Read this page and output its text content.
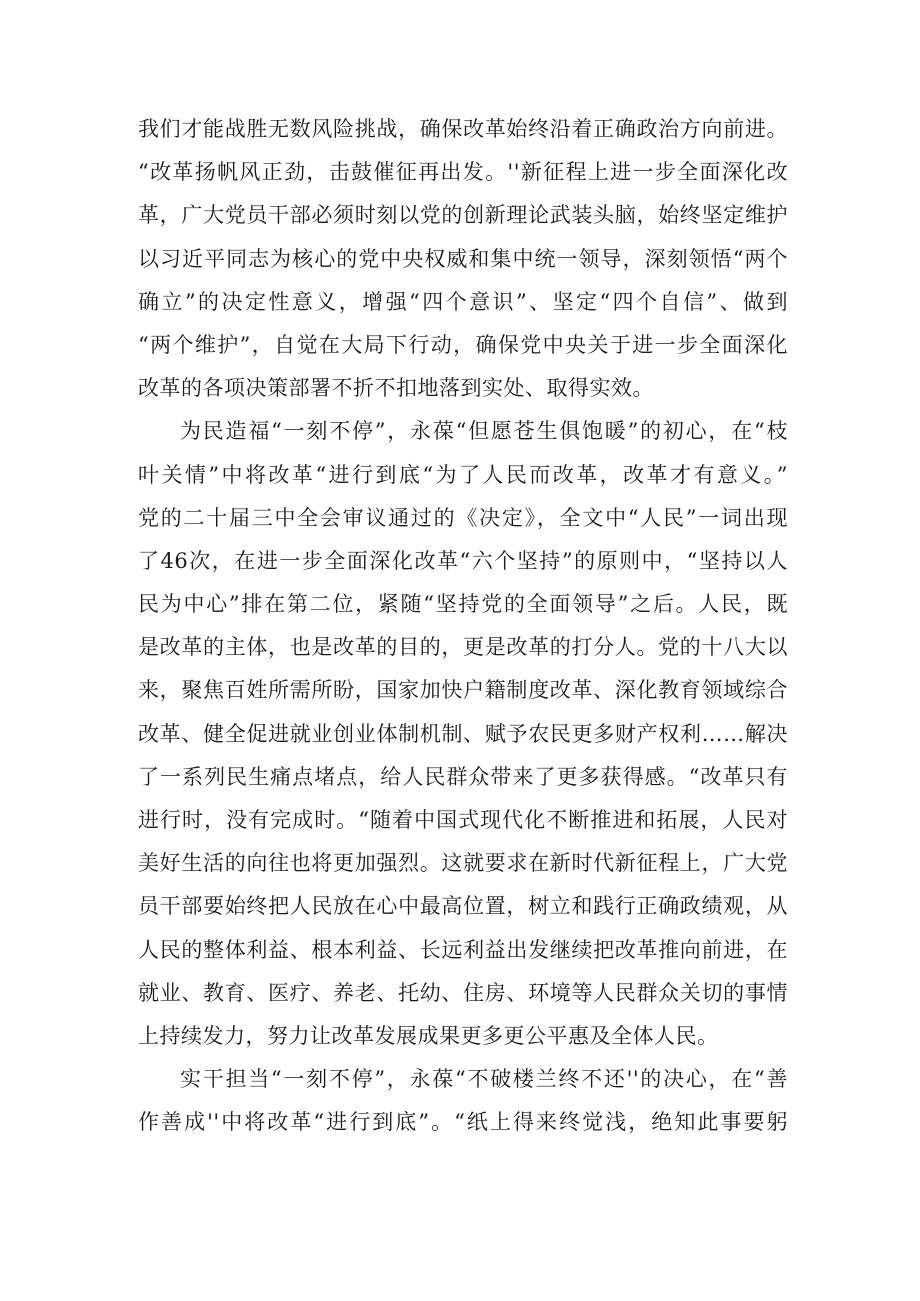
我们才能战胜无数风险挑战，确保改革始终沿着正确政治方向前进。
“改革扬帆风正劲，击鼓催征再出发。''新征程上进一步全面深化改
革，广大党员干部必须时刻以党的创新理论武装头脑，始终坚定维护
以习近平同志为核心的党中央权威和集中统一领导，深刻领悟“两个
确立”的决定性意义，增强“四个意识”、坚定“四个自信”、做到
“两个维护”，自觉在大局下行动，确保党中央关于进一步全面深化
改革的各项决策部署不折不扣地落到实处、取得实效。
为民造福“一刻不停”，永葆“但愿苍生俱饱暖”的初心，在“枝
叶关情”中将改革“进行到底“为了人民而改革，改革才有意义。”
党的二十届三中全会审议通过的《决定》，全文中“人民”一词出现
了46次，在进一步全面深化改革“六个坚持”的原则中，“坚持以人
民为中心”排在第二位，紧随“坚持党的全面领导”之后。人民，既
是改革的主体，也是改革的目的，更是改革的打分人。党的十八大以
来，聚焦百姓所需所盼，国家加快户籍制度改革、深化教育领域综合
改革、健全促进就业创业体制机制、赋予农民更多财产权利……解决
了一系列民生痛点堵点，给人民群众带来了更多获得感。“改革只有
进行时，没有完成时。“随着中国式现代化不断推进和拓展，人民对
美好生活的向往也将更加强烈。这就要求在新时代新征程上，广大党
员干部要始终把人民放在心中最高位置，树立和践行正确政绩观，从
人民的整体利益、根本利益、长远利益出发继续把改革推向前进，在
就业、教育、医疗、养老、托幼、住房、环境等人民群众关切的事情
上持续发力，努力让改革发展成果更多更公平惠及全体人民。
实干担当“一刻不停”，永葆“不破楼兰终不还''的决心，在“善
作善成''中将改革“进行到底”。“纸上得来终觉浅，绝知此事要躬
